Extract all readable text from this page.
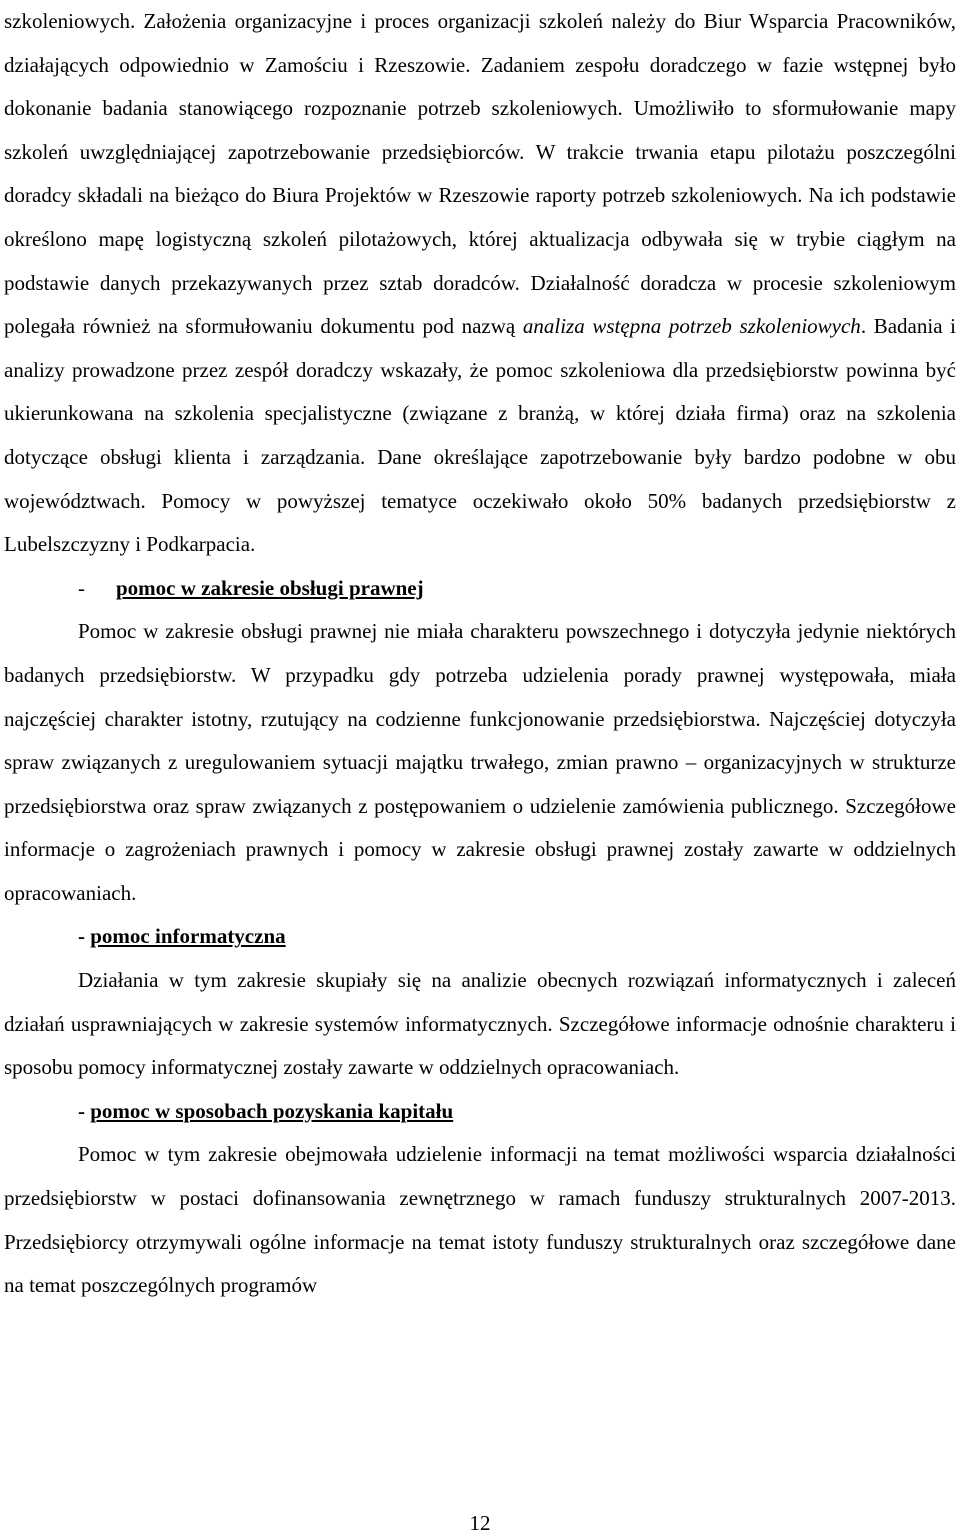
szkoleniowych. Założenia organizacyjne i proces organizacji szkoleń należy do Biur Wsparcia Pracowników, działających odpowiednio w Zamościu i Rzeszowie. Zadaniem zespołu doradczego w fazie wstępnej było dokonanie badania stanowiącego rozpoznanie potrzeb szkoleniowych. Umożliwiło to sformułowanie mapy szkoleń uwzględniającej zapotrzebowanie przedsiębiorców. W trakcie trwania etapu pilotażu poszczególni doradcy składali na bieżąco do Biura Projektów w Rzeszowie raporty potrzeb szkoleniowych. Na ich podstawie określono mapę logistyczną szkoleń pilotażowych, której aktualizacja odbywała się w trybie ciągłym na podstawie danych przekazywanych przez sztab doradców. Działalność doradcza w procesie szkoleniowym polegała również na sformułowaniu dokumentu pod nazwą analiza wstępna potrzeb szkoleniowych. Badania i analizy prowadzone przez zespół doradczy wskazały, że pomoc szkoleniowa dla przedsiębiorstw powinna być ukierunkowana na szkolenia specjalistyczne (związane z branżą, w której działa firma) oraz na szkolenia dotyczące obsługi klienta i zarządzania. Dane określające zapotrzebowanie były bardzo podobne w obu województwach. Pomocy w powyższej tematyce oczekiwało około 50% badanych przedsiębiorstw z Lubelszczyzny i Podkarpacia.

- pomoc w zakresie obsługi prawnej

Pomoc w zakresie obsługi prawnej nie miała charakteru powszechnego i dotyczyła jedynie niektórych badanych przedsiębiorstw. W przypadku gdy potrzeba udzielenia porady prawnej występowała, miała najczęściej charakter istotny, rzutujący na codzienne funkcjonowanie przedsiębiorstwa. Najczęściej dotyczyła spraw związanych z uregulowaniem sytuacji majątku trwałego, zmian prawno – organizacyjnych w strukturze przedsiębiorstwa oraz spraw związanych z postępowaniem o udzielenie zamówienia publicznego. Szczegółowe informacje o zagrożeniach prawnych i pomocy w zakresie obsługi prawnej zostały zawarte w oddzielnych opracowaniach.

- pomoc informatyczna

Działania w tym zakresie skupiały się na analizie obecnych rozwiązań informatycznych i zaleceń działań usprawniających w zakresie systemów informatycznych. Szczegółowe informacje odnośnie charakteru i sposobu pomocy informatycznej zostały zawarte w oddzielnych opracowaniach.

- pomoc w sposobach pozyskania kapitału

Pomoc w tym zakresie obejmowała udzielenie informacji na temat możliwości wsparcia działalności przedsiębiorstw w postaci dofinansowania zewnętrznego w ramach funduszy strukturalnych 2007-2013. Przedsiębiorcy otrzymywali ogólne informacje na temat istoty funduszy strukturalnych oraz szczegółowe dane na temat poszczególnych programów

12
